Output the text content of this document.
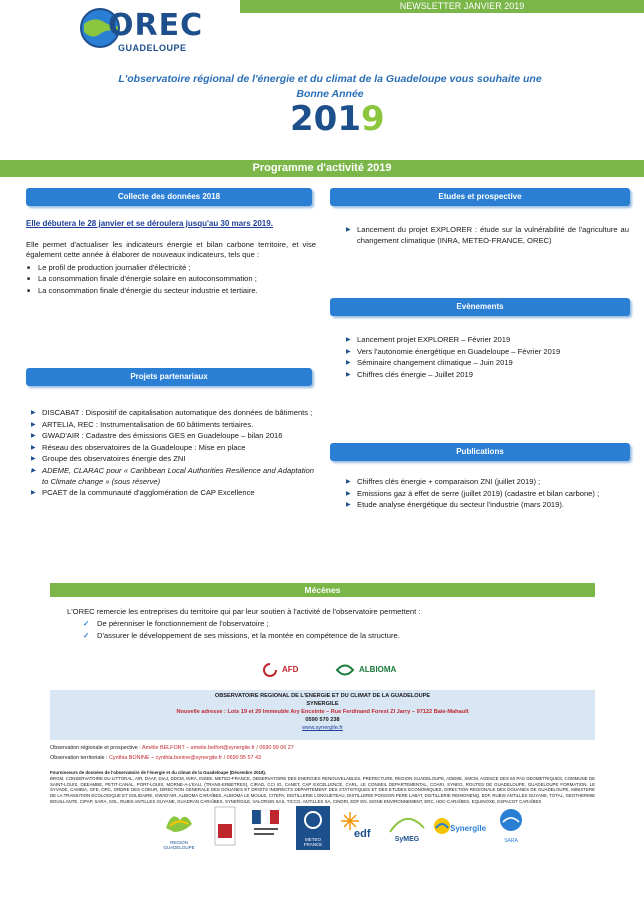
NEWSLETTER JANVIER 2019
OREC
GUADELOUPE
L'observatoire régional de l'énergie et du climat de la Guadeloupe vous souhaite une
Bonne Année
2019
Programme d'activité 2019
Collecte des données 2018
Elle débutera le 28 janvier et se déroulera jusqu'au 30 mars 2019.
Elle permet d'actualiser les indicateurs énergie et bilan carbone territoire, et vise également cette année à élaborer de nouveaux indicateurs, tels que :
■ Le profil de production journalier d'électricité ;
■ La consommation finale d'énergie solaire en autoconsommation ;
■ La consommation finale d'énergie du secteur industrie et tertiaire.
Projets partenariaux
▶ DISCABAT : Dispositif de capitalisation automatique des données de bâtiments ;
▶ ARTELIA, REC : Instrumentalisation de 60 bâtiments tertiaires.
▶ GWAD'AIR : Cadastre des émissions GES en Guadeloupe – bilan 2016
▶ Réseau des observatoires de la Guadeloupe : Mise en place
▶ Groupe des observatoires énergie des ZNI
▶ ADEME, CLARAC pour « Caribbean Local Authorities Resilience and Adaptation to Climate change » (sous réserve)
▶ PCAET de la communauté d'agglomération de CAP Excellence
Etudes et prospective
▶ Lancement du projet EXPLORER : étude sur la vulnérabilité de l'agriculture au changement climatique (INRA, METEO-FRANCE, OREC)
Evènements
▶ Lancement projet EXPLORER – Février 2019
▶ Vers l'autonomie énergétique en Guadeloupe – Février 2019
▶ Séminaire changement climatique – Juin 2019
▶ Chiffres clés énergie – Juillet 2019
Publications
▶ Chiffres clés énergie + comparaison ZNI (juillet 2019) ;
▶ Emissions gaz à effet de serre (juillet 2019) (cadastre et bilan carbone) ;
▶ Etude analyse énergétique du secteur l'industrie (mars 2019).
Mécènes
L'OREC remercie les entreprises du territoire qui par leur soutien à l'activité de l'observatoire permettent :
✓ De pérenniser le fonctionnement de l'observatoire ;
✓ D'assurer le développement de ses missions, et la montée en compétence de la structure.
AFD	ALBIOMA
OBSERVATOIRE REGIONAL DE L'ENERGIE ET DU CLIMAT DE LA GUADELOUPE
SYNERGILE
Nouvelle adresse : Lots 19 et 20 Immeuble Ary Enceinte – Rue Ferdinand Forest ZI Jarry – 97122 Baie-Mahault
0590 570 238
www.synergile.fr
Observation régionale et prospective : Amélie BELFORT – amelie.belfort@synergile.fr / 0690 99 06 27
Observation territoriale : Cynthia BONINE – cynthia.bonine@synergile.fr / 0690 95 57 43
Fournisseurs de données de l'observatoire de l'énergie et du climat de la Guadeloupe (Décembre 2018).
BRGM, CONSERVATOIRE DU LITTORAL, AIR, DAAF, DIAJ, DDCM, INRA, INSEE, METEO-FRANCE, OBSERVATOIRE DES ENERGIES RENOUVELABLES, PREFECTURE, REGION GUADELOUPE, ADEME, SMCM, AGENCE DES 50 PAS GEOMETRIQUES, COMMUNE DE SAINT-LOUIS, DEEAMBE, PETIT-CANAL, PORT-LOUIS, MORNE-A-L'EAU, (TRANS-ERBETRES), CIRAD, CCI IG, CANET, CAP EXCELLENCE, CARL, LE CONSEIL DEPARTEMENTAL, COARI, SYNEG, ROUTES DE GUADELOUPE, GUADELOUPE FORMATION, LE SYVADE, CAMBIA, GFE, ORC, ORDRE DES COEUR, DIRECTION GENERALE DES DOUANES ET DROITS INDIRECTS DEPARTEMENT DES STATISTIQUES ET DES ETUDES ECONOMIQUES, DIRECTION REGIONALE DES DOUANES DE GUADELOUPE, MINISTERE DE LA TRANSITION ECOLOGIQUE ET SOLIDAIRE, GWAD'AIR, ALBIOMA CARAÏBES, ALBIOMA LE MOULE, CITEPA, DISTILLERIE LONGUETEAU, DISTILLERIE POISSON PERE LABAT, DISTILLERIE REIMONENQ, EDF, RUBIS ANTILLES GUYANE, TOTAL, GEOTHERMIE BOUILLANTE, CIPAP, SARA, SOL, RUBIS ANTILLES GUYANE, GUADRAN CARAÏBES, SYNERGILE, VALORSIN SAS, TICCO, ANTILLES SA, CINDRI, EDF EN, SIGNE ENVIRONNEMENT, ERC, HDC-CARAÏBES, EQUINOXE, ESPACOT CARAÏBES
REGION GUADELOUPE
METEO FRANCE
edf	SyMEG
Synergîle
SARA
